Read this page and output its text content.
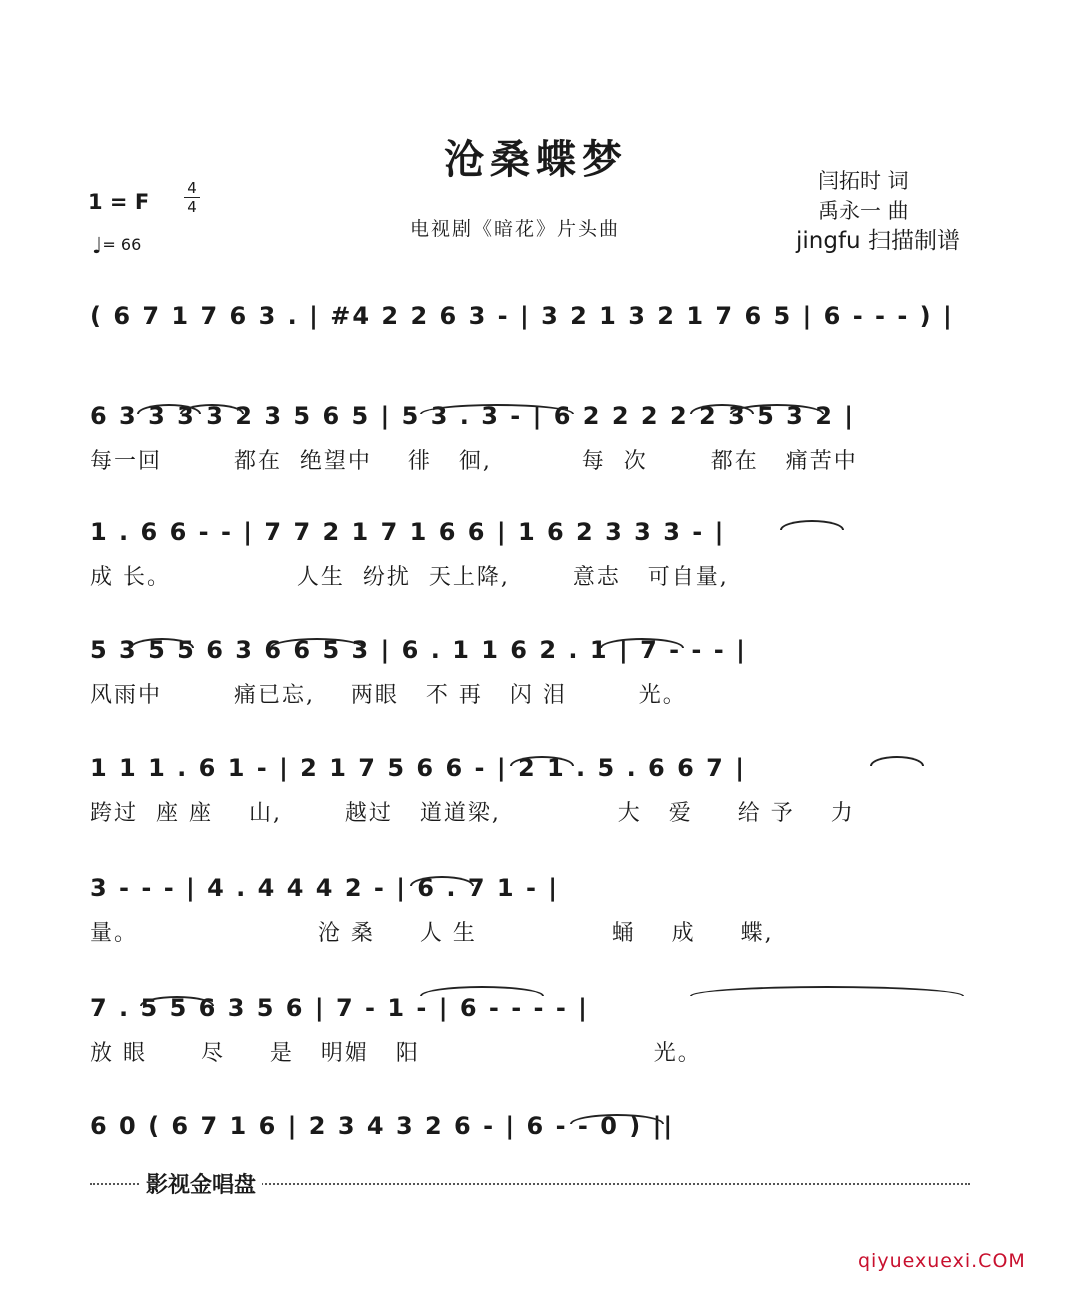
沧桑蝶梦
1 = F
4
4
♩= 66
电视剧《暗花》片头曲
闫拓时 词
禹永一 曲
jingfu 扫描制谱
( 6 7 1 7 6 3 . | #4 2 2 6 3 - | 3 2 1 3 2 1 7 6 5 | 6 - - - ) |
6 3 3 3 3 2 3 5 6 5 | 5 3 . 3 - | 6 2 2 2 2 2 3 5 3 2 |
每一回        都在  绝望中    徘   徊,          每  次       都在   痛苦中
1 . 6 6 - - | 7 7 2 1 7 1 6 6 | 1 6 2 3 3 3 - |
成 长。              人生  纷扰  天上降,       意志   可自量,
5 3 5 5 6 3 6 6 5 3 | 6 . 1 1 6 2 . 1 | 7 - - - |
风雨中        痛已忘,    两眼   不 再   闪 泪        光。
1 1 1 . 6 1 - | 2 1 7 5 6 6 - | 2 1 . 5 . 6 6 7 |
跨过  座 座    山,       越过   道道梁,             大   爱     给 予    力
3 - - - | 4 . 4 4 4 2 - | 6 . 7 1 - |
量。                    沧 桑     人 生               蛹    成     蝶,
7 . 5 5 6 3 5 6 | 7 - 1 - | 6 - - - - |
放 眼      尽     是   明媚   阳                          光。
6 0 ( 6 7 1 6 | 2 3 4 3 2 6 - | 6 - - 0 ) ||
影视金唱盘
qiyuexuexi.COM
